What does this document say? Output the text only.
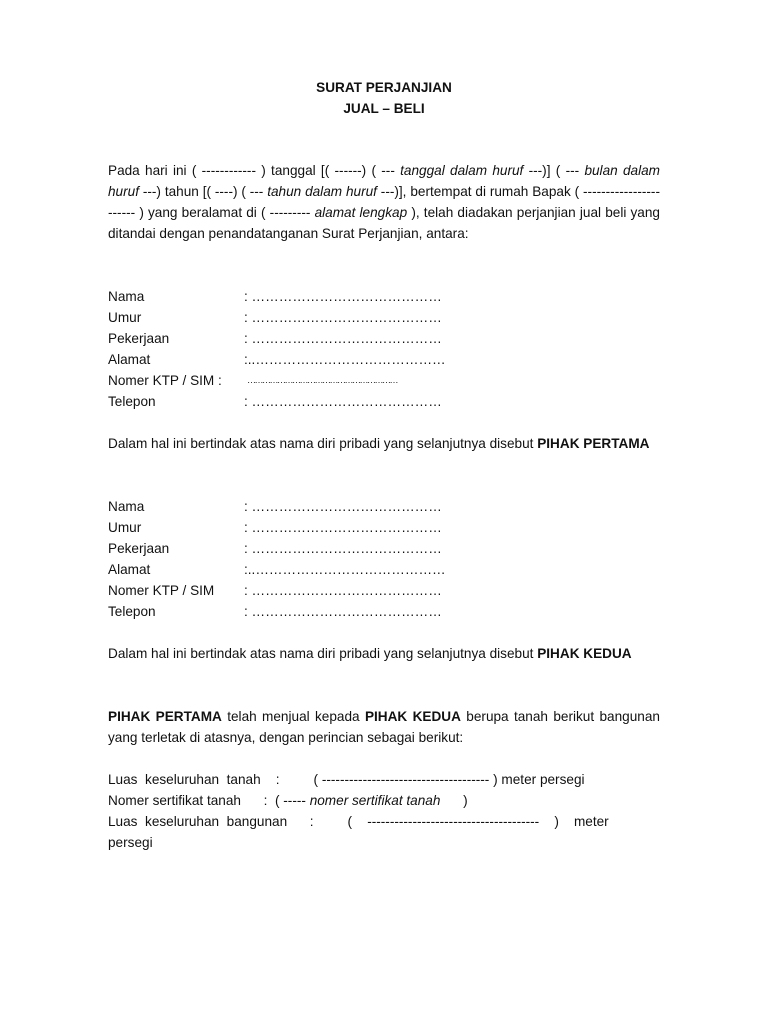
SURAT PERJANJIAN
JUAL – BELI

Pada hari ini ( ------------ ) tanggal [( ------) ( --- tanggal dalam huruf ---)] ( --- bulan dalam huruf ---) tahun [( ----) ( --- tahun dalam huruf ---)], bertempat di rumah Bapak ( ----------------------- ) yang beralamat di ( --------- alamat lengkap ), telah diadakan perjanjian jual beli yang ditandai dengan penandatanganan Surat Perjanjian, antara:

Nama	: ……………………………………
Umur	: ……………………………………
Pekerjaan	: ……………………………………
Alamat	:..……………………………………
Nomer KTP / SIM :	……………………………………………………
Telepon	: ……………………………………

Dalam hal ini bertindak atas nama diri pribadi yang selanjutnya disebut PIHAK PERTAMA

Nama	: ……………………………………
Umur	: ……………………………………
Pekerjaan	: ……………………………………
Alamat	:..……………………………………
Nomer KTP / SIM : ……………………………………
Telepon	: ……………………………………

Dalam hal ini bertindak atas nama diri pribadi yang selanjutnya disebut PIHAK KEDUA

PIHAK PERTAMA telah menjual kepada PIHAK KEDUA berupa tanah berikut bangunan yang terletak di atasnya, dengan perincian sebagai berikut:

Luas  keseluruhan  tanah    :         ( ------------------------------------- ) meter persegi
Nomer sertifikat tanah      :  ( ----- nomer sertifikat tanah      )
Luas  keseluruhan  bangunan      :         (    --------------------------------------    )    meter
persegi
